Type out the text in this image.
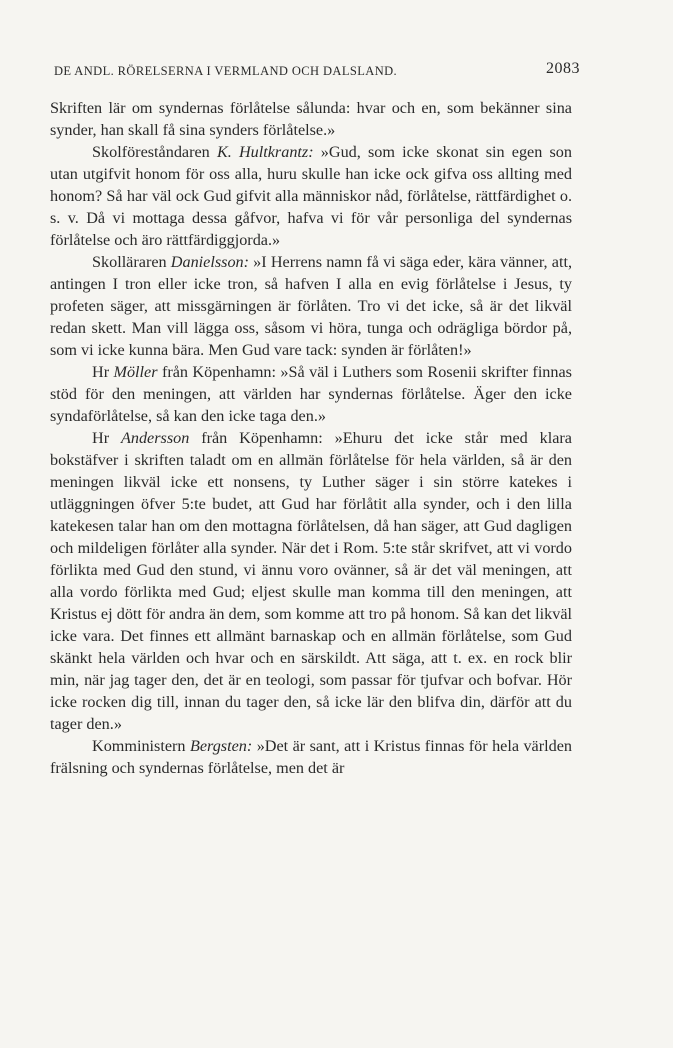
DE ANDL. RÖRELSERNA I VERMLAND OCH DALSLAND.	2083

Skriften lär om syndernas förlåtelse sålunda: hvar och en, som bekänner sina synder, han skall få sina synders förlåtelse.»

Skolföreståndaren K. Hultkrantz: »Gud, som icke skonat sin egen son utan utgifvit honom för oss alla, huru skulle han icke ock gifva oss allting med honom? Så har väl ock Gud gifvit alla människor nåd, förlåtelse, rättfärdighet o. s. v. Då vi mottaga dessa gåfvor, hafva vi för vår personliga del syndernas förlåtelse och äro rättfärdiggjorda.»

Skolläraren Danielsson: »I Herrens namn få vi säga eder, kära vänner, att, antingen I tron eller icke tron, så hafven I alla en evig förlåtelse i Jesus, ty profeten säger, att missgärningen är förlåten. Tro vi det icke, så är det likväl redan skett. Man vill lägga oss, såsom vi höra, tunga och odrägliga bördor på, som vi icke kunna bära. Men Gud vare tack: synden är förlåten!»

Hr Möller från Köpenhamn: »Så väl i Luthers som Rosenii skrifter finnas stöd för den meningen, att världen har syndernas förlåtelse. Äger den icke syndaförlåtelse, så kan den icke taga den.»

Hr Andersson från Köpenhamn: »Ehuru det icke står med klara bokstäfver i skriften taladt om en allmän förlåtelse för hela världen, så är den meningen likväl icke ett nonsens, ty Luther säger i sin större katekes i utläggningen öfver 5:te budet, att Gud har förlåtit alla synder, och i den lilla katekesen talar han om den mottagna förlåtelsen, då han säger, att Gud dagligen och mildeligen förlåter alla synder. När det i Rom. 5:te står skrifvet, att vi vordo förlikta med Gud den stund, vi ännu voro ovänner, så är det väl meningen, att alla vordo förlikta med Gud; eljest skulle man komma till den meningen, att Kristus ej dött för andra än dem, som komme att tro på honom. Så kan det likväl icke vara. Det finnes ett allmänt barnaskap och en allmän förlåtelse, som Gud skänkt hela världen och hvar och en särskildt. Att säga, att t. ex. en rock blir min, när jag tager den, det är en teologi, som passar för tjufvar och bofvar. Hör icke rocken dig till, innan du tager den, så icke lär den blifva din, därför att du tager den.»

Komministern Bergsten: »Det är sant, att i Kristus finnas för hela världen frälsning och syndernas förlåtelse, men det är
